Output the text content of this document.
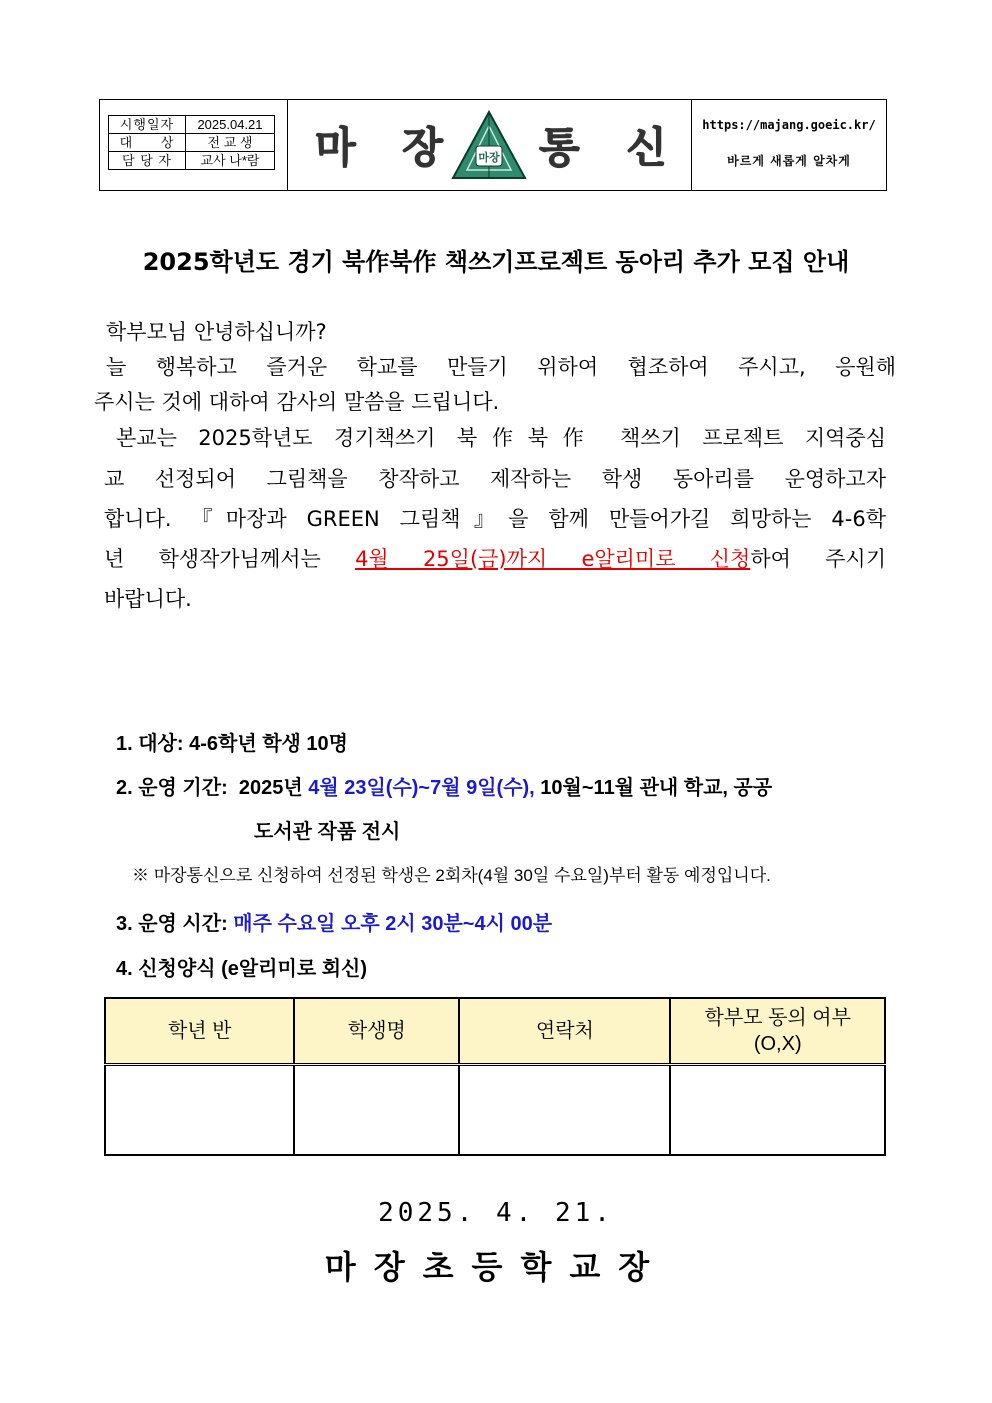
시행일자	2025.04.21
대      상	전 교 생
담 당 자	교사 나*람 마 장 마장 통 신	https://majang.goeic.kr/
바르게 새롭게 알차게
2025학년도 경기 북作북作 책쓰기프로젝트 동아리 추가 모집 안내
학부모님 안녕하십니까?
늘 행복하고 즐거운 학교를 만들기 위하여 협조하여 주시고, 응원해
주시는 것에 대하여 감사의 말씀을 드립니다.
본교는 2025학년도 경기책쓰기 북作북作 책쓰기 프로젝트 지역중심
교 선정되어 그림책을 창작하고 제작하는 학생 동아리를 운영하고자
합니다. 『마장과 GREEN 그림책』을 함께 만들어가길 희망하는 4-6학
년 학생작가님께서는 4월 25일(금)까지 e알리미로 신청하여 주시기
바랍니다.
1. 대상: 4-6학년 학생 10명
2. 운영 기간:  2025년 4월 23일(수)~7월 9일(수), 10월~11월 관내 학교, 공공
도서관 작품 전시
※ 마장통신으로 신청하여 선정된 학생은 2회차(4월 30일 수요일)부터 활동 예정입니다.
3. 운영 시간: 매주 수요일 오후 2시 30분~4시 00분
4. 신청양식 (e알리미로 회신)
학년 반	학생명	연락처	학부모 동의 여부
(O,X)

2025. 4. 21.
마장초등학교장
